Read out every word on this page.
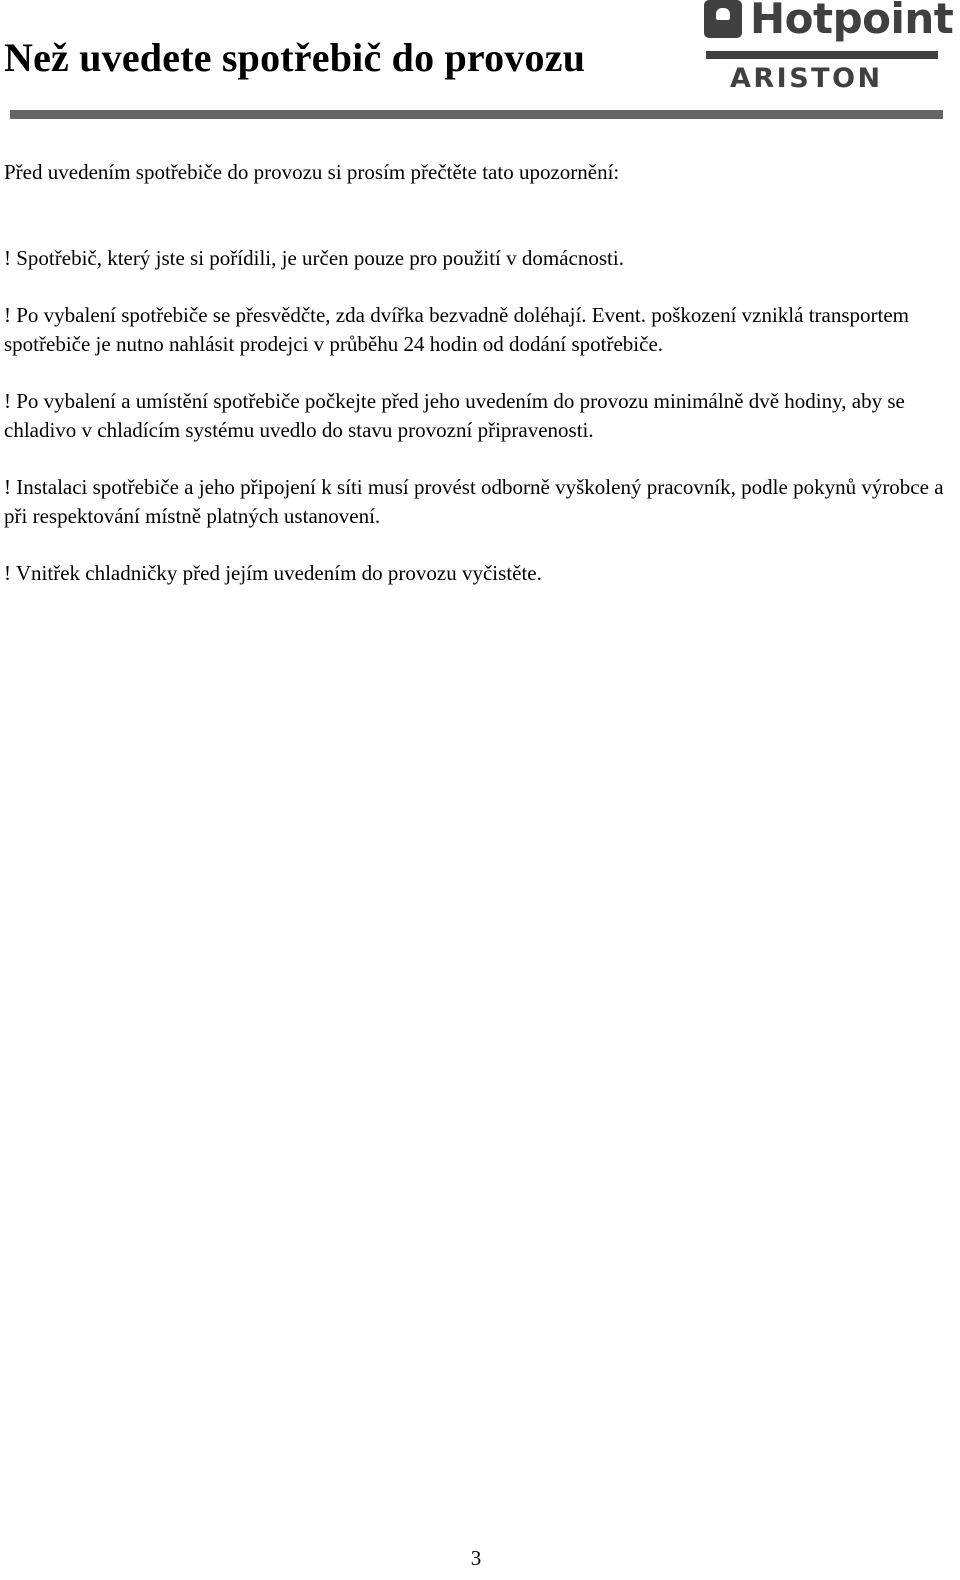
Než uvedete spotřebič do provozu
Hotpoint
ARISTON

Před uvedením spotřebiče do provozu si prosím přečtěte tato upozornění:

! Spotřebič, který jste si pořídili, je určen pouze pro použití v domácnosti.
! Po vybalení spotřebiče se přesvědčte, zda dvířka bezvadně doléhají. Event. poškození vzniklá transportem spotřebiče je nutno nahlásit prodejci v průběhu 24 hodin od dodání spotřebiče.
! Po vybalení a umístění spotřebiče počkejte před jeho uvedením do provozu minimálně dvě hodiny, aby se chladivo v chladícím systému uvedlo do stavu provozní připravenosti.
! Instalaci spotřebiče a jeho připojení k síti musí provést odborně vyškolený pracovník, podle pokynů výrobce a při respektování místně platných ustanovení.
! Vnitřek chladničky před jejím uvedením do provozu vyčistěte.
3
